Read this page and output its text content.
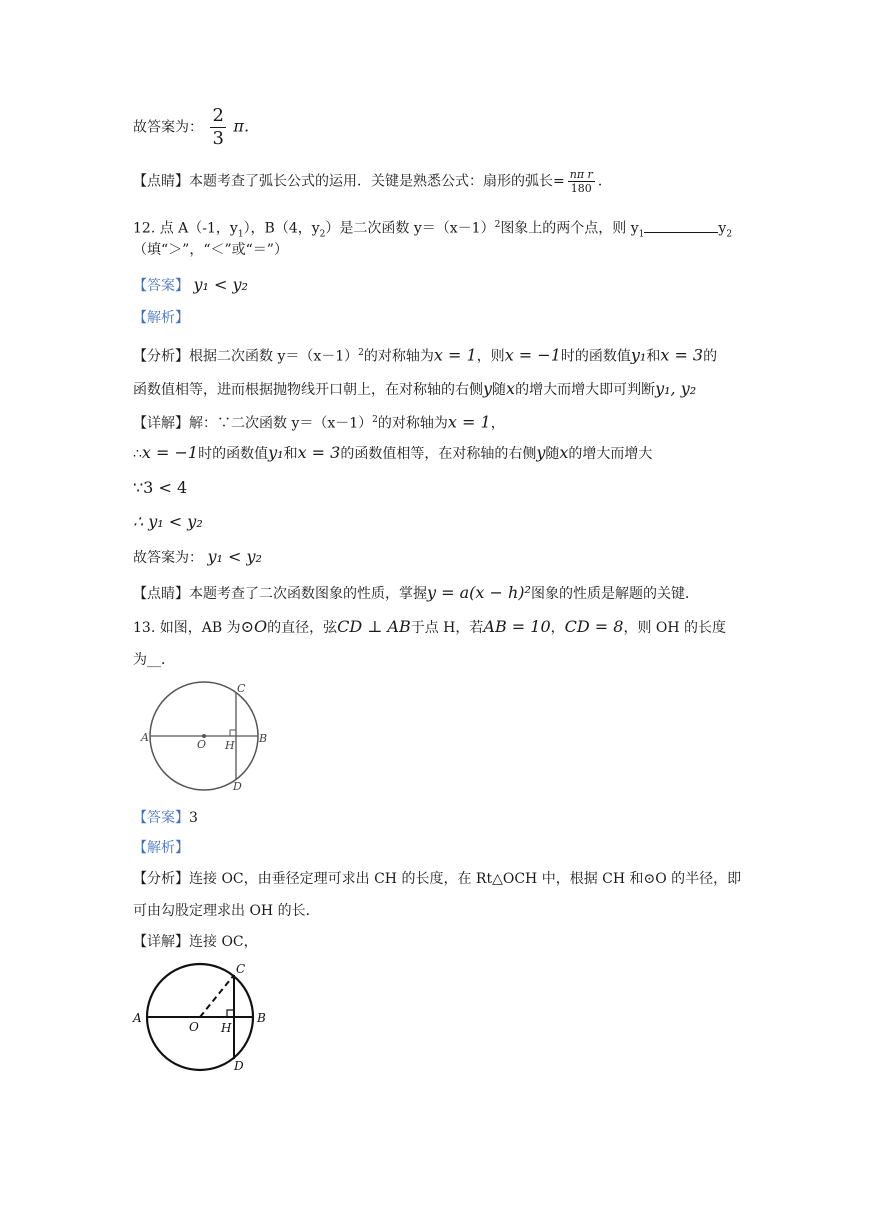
故答案为： $\frac{2}{3}$ π．
【点睛】本题考查了弧长公式的运用．关键是熟悉公式：扇形的弧长= $\frac{\text{nπ r}}{180}$ ．
12. 点 A（-1，$y_1$），B（4，$y_2$）是二次函数 $y=(x-1)^2$图象上的两个点，则 $y_1$	$y_2$
（填“＞”，“＜”或“＝”）
【答案】 y₁ < y₂
【解析】
【分析】根据二次函数 $y=(x-1)^2$的对称轴为x = 1，则x = −1时的函数值y₁和x = 3的
函数值相等，进而根据抛物线开口朝上，在对称轴的右侧y随x的增大而增大即可判断y₁, y₂
【详解】解：∵二次函数 $y=(x-1)^2$的对称轴为x = 1，
∴x = −1时的函数值y₁和x = 3的函数值相等，在对称轴的右侧y随x的增大而增大
∵3 < 4
∴ y₁ < y₂
故答案为： y₁ < y₂
【点睛】本题考查了二次函数图象的性质，掌握y = a(x − h)²图象的性质是解题的关键．
13. 如图，AB 为⊙O的直径，弦CD ⊥ AB于点 H，若AB = 10，CD = 8，则 OH 的长度
为__．
A	B
C
D
O H
【答案】3
【解析】
【分析】连接 OC，由垂径定理可求出 CH 的长度，在 Rt△OCH 中，根据 CH 和⊙O 的半径，即
可由勾股定理求出 OH 的长．
【详解】连接 OC，
A	B
C
D
O H
